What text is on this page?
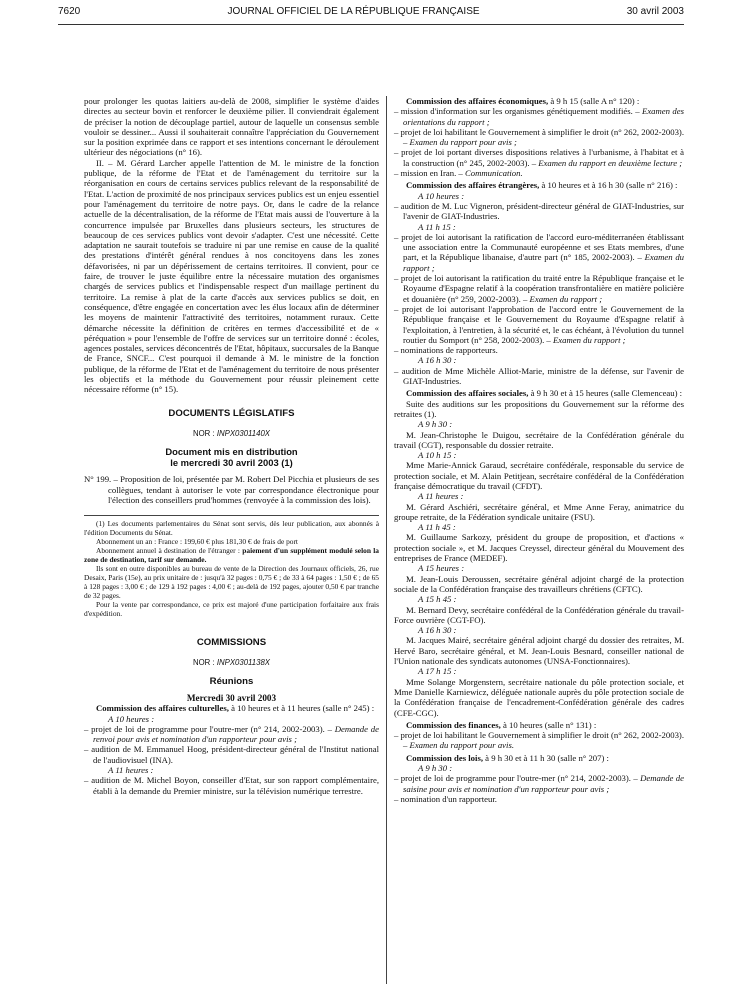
7620	JOURNAL OFFICIEL DE LA RÉPUBLIQUE FRANÇAISE	30 avril 2003

pour prolonger les quotas laitiers au-delà de 2008, simplifier le système d'aides directes au secteur bovin et renforcer le deuxième pilier. Il conviendrait également de préciser la notion de découplage partiel, autour de laquelle un consensus semble vouloir se dessiner... Aussi il souhaiterait connaître l'appréciation du Gouvernement sur la position exprimée dans ce rapport et ses intentions concernant le déroulement ultérieur des négociations (n° 16).

II. – M. Gérard Larcher appelle l'attention de M. le ministre de la fonction publique, de la réforme de l'Etat et de l'aménagement du territoire sur la réorganisation en cours de certains services publics relevant de la responsabilité de l'Etat. L'action de proximité de nos principaux services publics est un enjeu essentiel pour l'aménagement du territoire de notre pays. Or, dans le cadre de la relance actuelle de la décentralisation, de la réforme de l'Etat mais aussi de l'ouverture à la concurrence impulsée par Bruxelles dans plusieurs secteurs, les structures de beaucoup de ces services publics vont devoir s'adapter. C'est une nécessité. Cette adaptation ne saurait toutefois se traduire ni par une remise en cause de la qualité des prestations d'intérêt général rendues à nos concitoyens dans les zones défavorisées, ni par un dépérissement de certains territoires. Il convient, pour ce faire, de trouver le juste équilibre entre la nécessaire mutation des organismes chargés de services publics et l'indispensable respect d'un maillage pertinent du territoire. La remise à plat de la carte d'accès aux services publics se doit, en conséquence, d'être engagée en concertation avec les élus locaux afin de déterminer les moyens de maintenir l'attractivité des territoires, notamment ruraux. Cette démarche nécessite la définition de critères en termes d'accessibilité et de « péréquation » pour l'ensemble de l'offre de services sur un territoire donné : écoles, agences postales, services déconcentrés de l'Etat, hôpitaux, succursales de la Banque de France, SNCF... C'est pourquoi il demande à M. le ministre de la fonction publique, de la réforme de l'Etat et de l'aménagement du territoire de nous présenter les objectifs et la méthode du Gouvernement pour réussir pleinement cette nécessaire réforme (n° 15).

DOCUMENTS LÉGISLATIFS
NOR : INPX0301140X
Document mis en distribution
le mercredi 30 avril 2003 (1)

N° 199. – Proposition de loi, présentée par M. Robert Del Picchia et plusieurs de ses collègues, tendant à autoriser le vote par correspondance électronique pour l'élection des conseillers prud'hommes (renvoyée à la commission des lois).

(1) Les documents parlementaires du Sénat sont servis, dès leur publication, aux abonnés à l'édition Documents du Sénat.

Abonnement un an : France : 199,60 € plus 181,30 € de frais de port

Abonnement annuel à destination de l'étranger : paiement d'un supplément modulé selon la zone de destination, tarif sur demande.

Ils sont en outre disponibles au bureau de vente de la Direction des Journaux officiels, 26, rue Desaix, Paris (15e), au prix unitaire de : jusqu'à 32 pages : 0,75 € ; de 33 à 64 pages : 1,50 € ; de 65 à 128 pages : 3,00 € ; de 129 à 192 pages : 4,00 € ; au-delà de 192 pages, ajouter 0,50 € par tranche de 32 pages.

Pour la vente par correspondance, ce prix est majoré d'une participation forfaitaire aux frais d'expédition.

COMMISSIONS
NOR : INPX0301138X
Réunions
Mercredi 30 avril 2003

Commission des affaires culturelles, à 10 heures et à 11 heures (salle n° 245) :

A 10 heures :

– projet de loi de programme pour l'outre-mer (n° 214, 2002-2003). – Demande de renvoi pour avis et nomination d'un rapporteur pour avis ;

– audition de M. Emmanuel Hoog, président-directeur général de l'Institut national de l'audiovisuel (INA).

A 11 heures :

– audition de M. Michel Boyon, conseiller d'Etat, sur son rapport complémentaire, établi à la demande du Premier ministre, sur la télévision numérique terrestre.

Commission des affaires économiques, à 9 h 15 (salle A n° 120) :

– mission d'information sur les organismes génétiquement modifiés. – Examen des orientations du rapport ;

– projet de loi habilitant le Gouvernement à simplifier le droit (n° 262, 2002-2003). – Examen du rapport pour avis ;

– projet de loi portant diverses dispositions relatives à l'urbanisme, à l'habitat et à la construction (n° 245, 2002-2003). – Examen du rapport en deuxième lecture ;

– mission en Iran. – Communication.

Commission des affaires étrangères, à 10 heures et à 16 h 30 (salle n° 216) :

A 10 heures :

– audition de M. Luc Vigneron, président-directeur général de GIAT-Industries, sur l'avenir de GIAT-Industries.

A 11 h 15 :

– projet de loi autorisant la ratification de l'accord euro-méditerranéen établissant une association entre la Communauté européenne et ses Etats membres, d'une part, et la République libanaise, d'autre part (n° 185, 2002-2003). – Examen du rapport ;

– projet de loi autorisant la ratification du traité entre la République française et le Royaume d'Espagne relatif à la coopération transfrontalière en matière policière et douanière (n° 259, 2002-2003). – Examen du rapport ;

– projet de loi autorisant l'approbation de l'accord entre le Gouvernement de la République française et le Gouvernement du Royaume d'Espagne relatif à l'exploitation, à l'entretien, à la sécurité et, le cas échéant, à l'évolution du tunnel routier du Somport (n° 258, 2002-2003). – Examen du rapport ;

– nominations de rapporteurs.

A 16 h 30 :

– audition de Mme Michèle Alliot-Marie, ministre de la défense, sur l'avenir de GIAT-Industries.

Commission des affaires sociales, à 9 h 30 et à 15 heures (salle Clemenceau) :

Suite des auditions sur les propositions du Gouvernement sur la réforme des retraites (1).

A 9 h 30 :

M. Jean-Christophe le Duigou, secrétaire de la Confédération générale du travail (CGT), responsable du dossier retraite.

A 10 h 15 :

Mme Marie-Annick Garaud, secrétaire confédérale, responsable du service de protection sociale, et M. Alain Petitjean, secrétaire confédéral de la Confédération française démocratique du travail (CFDT).

A 11 heures :

M. Gérard Aschiéri, secrétaire général, et Mme Anne Feray, animatrice du groupe retraite, de la Fédération syndicale unitaire (FSU).

A 11 h 45 :

M. Guillaume Sarkozy, président du groupe de proposition, et d'actions « protection sociale », et M. Jacques Creyssel, directeur général du Mouvement des entreprises de France (MEDEF).

A 15 heures :

M. Jean-Louis Deroussen, secrétaire général adjoint chargé de la protection sociale de la Confédération française des travailleurs chrétiens (CFTC).

A 15 h 45 :

M. Bernard Devy, secrétaire confédéral de la Confédération générale du travail-Force ouvrière (CGT-FO).

A 16 h 30 :

M. Jacques Mairé, secrétaire général adjoint chargé du dossier des retraites, M. Hervé Baro, secrétaire général, et M. Jean-Louis Besnard, conseiller national de l'Union nationale des syndicats autonomes (UNSA-Fonctionnaires).

A 17 h 15 :

Mme Solange Morgenstern, secrétaire nationale du pôle protection sociale, et Mme Danielle Karniewicz, déléguée nationale auprès du pôle protection sociale de la Confédération française de l'encadrement-Confédération générale des cadres (CFE-CGC).

Commission des finances, à 10 heures (salle n° 131) :

– projet de loi habilitant le Gouvernement à simplifier le droit (n° 262, 2002-2003). – Examen du rapport pour avis.

Commission des lois, à 9 h 30 et à 11 h 30 (salle n° 207) :

A 9 h 30 :

– projet de loi de programme pour l'outre-mer (n° 214, 2002-2003). – Demande de saisine pour avis et nomination d'un rapporteur pour avis ;

– nomination d'un rapporteur.
